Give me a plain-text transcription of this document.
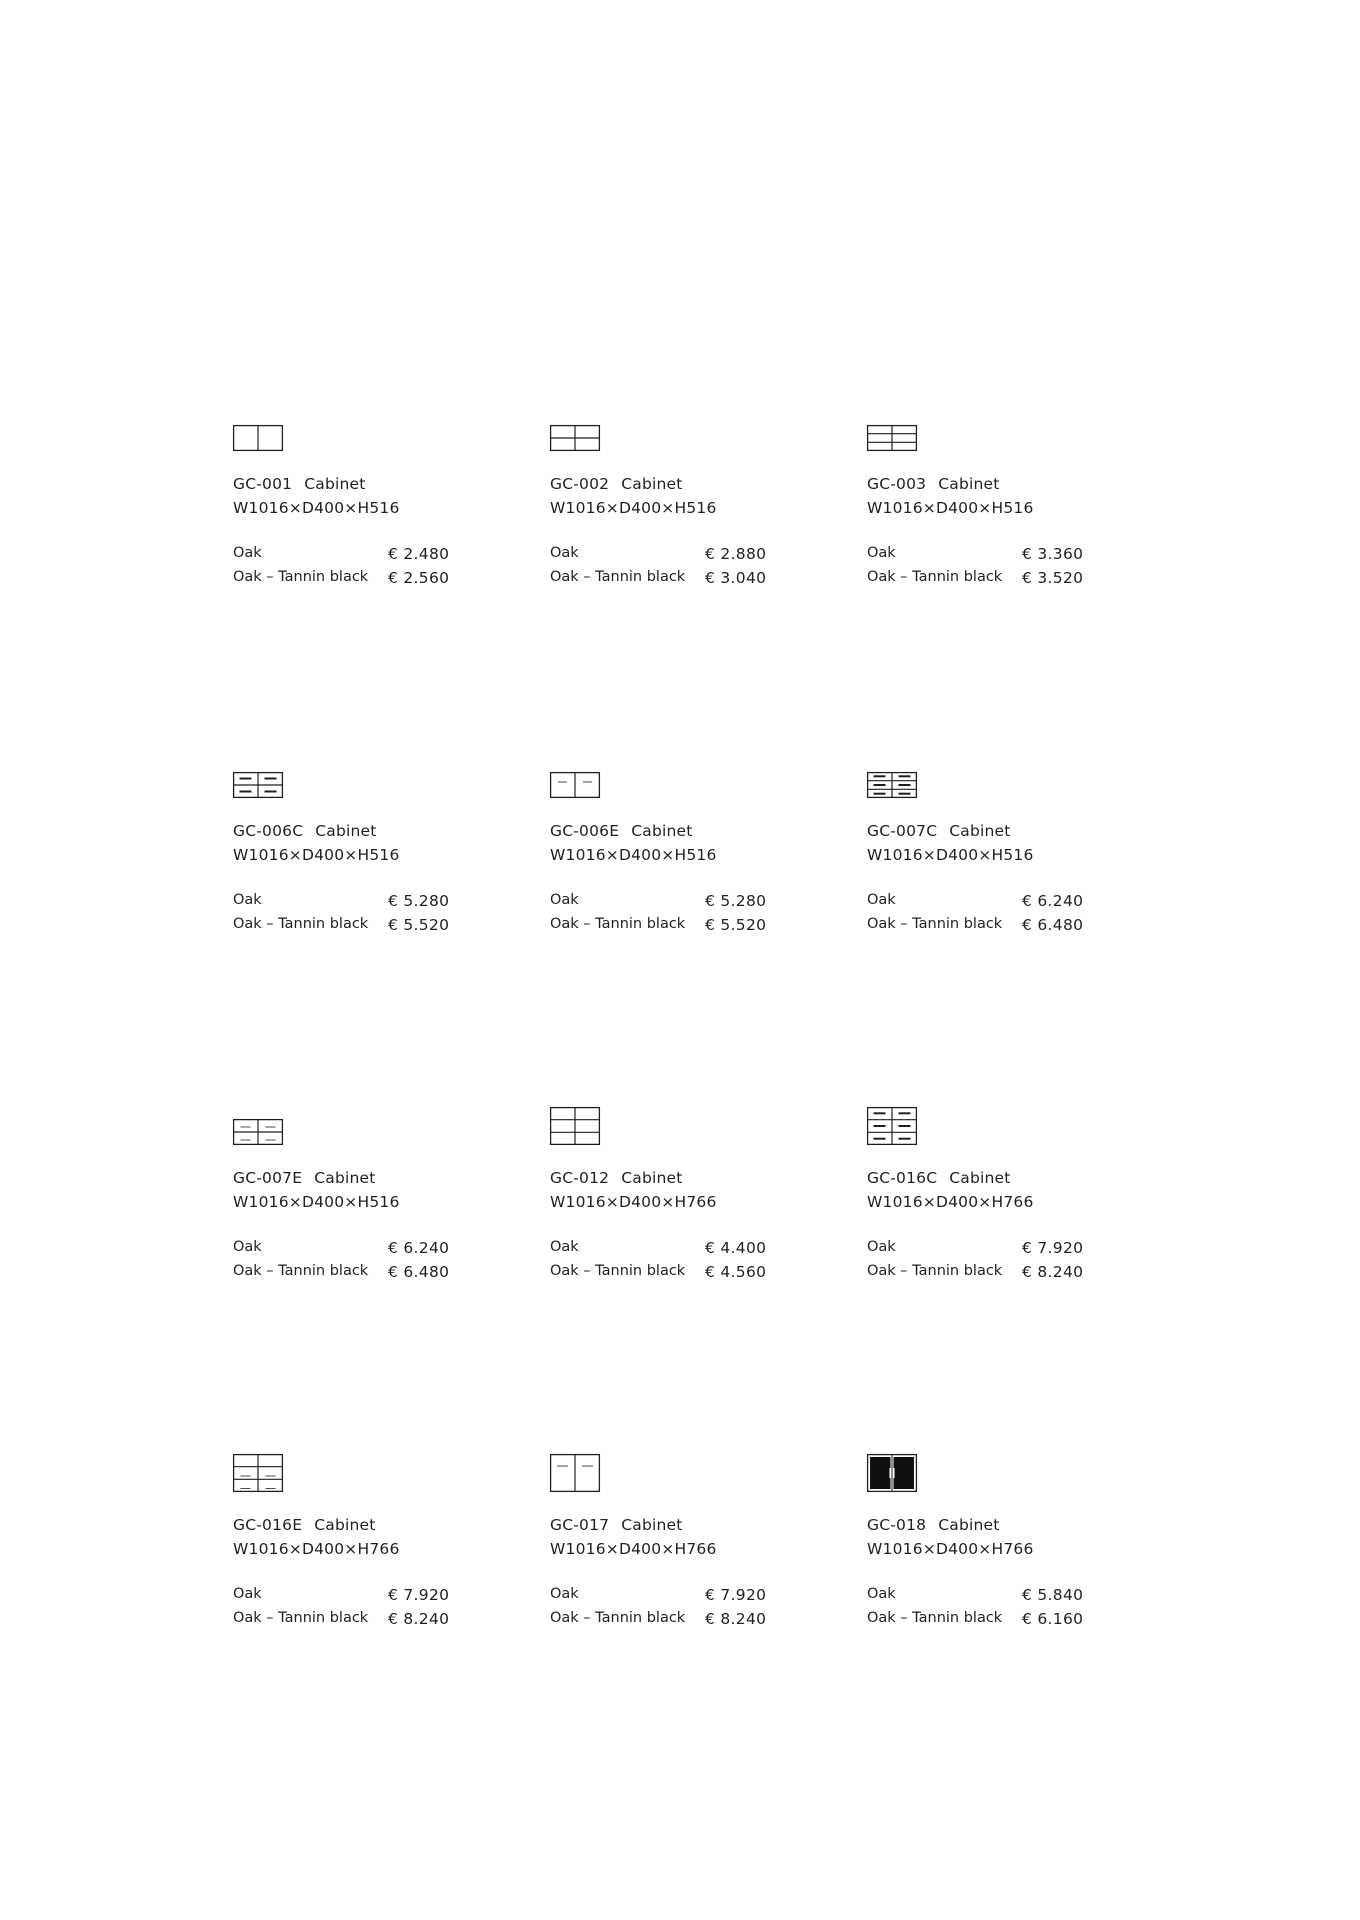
GC-001 Cabinet
W1016×D400×H516
Oak	€ 2.480
Oak – Tannin black € 2.560
GC-002 Cabinet
W1016×D400×H516
Oak	€ 2.880
Oak – Tannin black € 3.040
GC-003 Cabinet
W1016×D400×H516
Oak	€ 3.360
Oak – Tannin black € 3.520
GC-006C Cabinet
W1016×D400×H516
Oak	€ 5.280
Oak – Tannin black € 5.520
GC-006E Cabinet
W1016×D400×H516
Oak	€ 5.280
Oak – Tannin black € 5.520
GC-007C Cabinet
W1016×D400×H516
Oak	€ 6.240
Oak – Tannin black € 6.480
GC-007E Cabinet
W1016×D400×H516
Oak	€ 6.240
Oak – Tannin black € 6.480
GC-012 Cabinet
W1016×D400×H766
Oak	€ 4.400
Oak – Tannin black € 4.560
GC-016C Cabinet
W1016×D400×H766
Oak	€ 7.920
Oak – Tannin black € 8.240
GC-016E Cabinet
W1016×D400×H766
Oak	€ 7.920
Oak – Tannin black € 8.240
GC-017 Cabinet
W1016×D400×H766
Oak	€ 7.920
Oak – Tannin black € 8.240
GC-018 Cabinet
W1016×D400×H766
Oak	€ 5.840
Oak – Tannin black € 6.160
